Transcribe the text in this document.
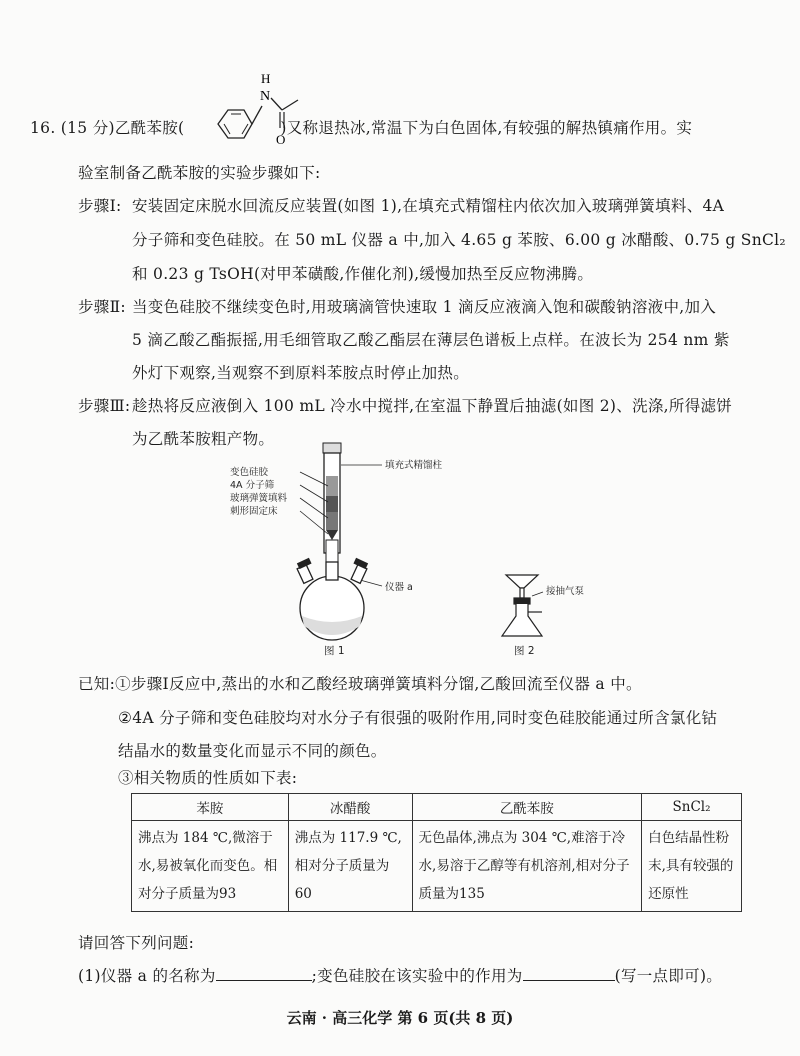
16. (15 分)乙酰苯胺(	)又称退热冰,常温下为白色固体,有较强的解热镇痛作用。实
N
H
O
验室制备乙酰苯胺的实验步骤如下:
步骤Ⅰ: 安装固定床脱水回流反应装置(如图 1),在填充式精馏柱内依次加入玻璃弹簧填料、4A
分子筛和变色硅胶。在 50 mL 仪器 a 中,加入 4.65 g 苯胺、6.00 g 冰醋酸、0.75 g SnCl₂
和 0.23 g TsOH(对甲苯磺酸,作催化剂),缓慢加热至反应物沸腾。
步骤Ⅱ: 当变色硅胶不继续变色时,用玻璃滴管快速取 1 滴反应液滴入饱和碳酸钠溶液中,加入
5 滴乙酸乙酯振摇,用毛细管取乙酸乙酯层在薄层色谱板上点样。在波长为 254 nm 紫
外灯下观察,当观察不到原料苯胺点时停止加热。
步骤Ⅲ: 趁热将反应液倒入 100 mL 冷水中搅拌,在室温下静置后抽滤(如图 2)、洗涤,所得滤饼
为乙酰苯胺粗产物。
变色硅胶
4A 分子筛
玻璃弹簧填料
刺形固定床
填充式精馏柱
仪器 a
图 1
接抽气泵
图 2
已知:①步骤Ⅰ反应中,蒸出的水和乙酸经玻璃弹簧填料分馏,乙酸回流至仪器 a 中。
②4A 分子筛和变色硅胶均对水分子有很强的吸附作用,同时变色硅胶能通过所含氯化钴
结晶水的数量变化而显示不同的颜色。
③相关物质的性质如下表:
苯胺	冰醋酸	乙酰苯胺	SnCl₂
沸点为 184 ℃,微溶于水,易被氧化而变色。相对分子质量为93	沸点为 117.9 ℃,相对分子质量为60	无色晶体,沸点为 304 ℃,难溶于冷水,易溶于乙醇等有机溶剂,相对分子质量为135	白色结晶性粉末,具有较强的还原性
请回答下列问题:
(1)仪器 a 的名称为	;变色硅胶在该实验中的作用为	(写一点即可)。
云南 · 高三化学 第 6 页(共 8 页)
